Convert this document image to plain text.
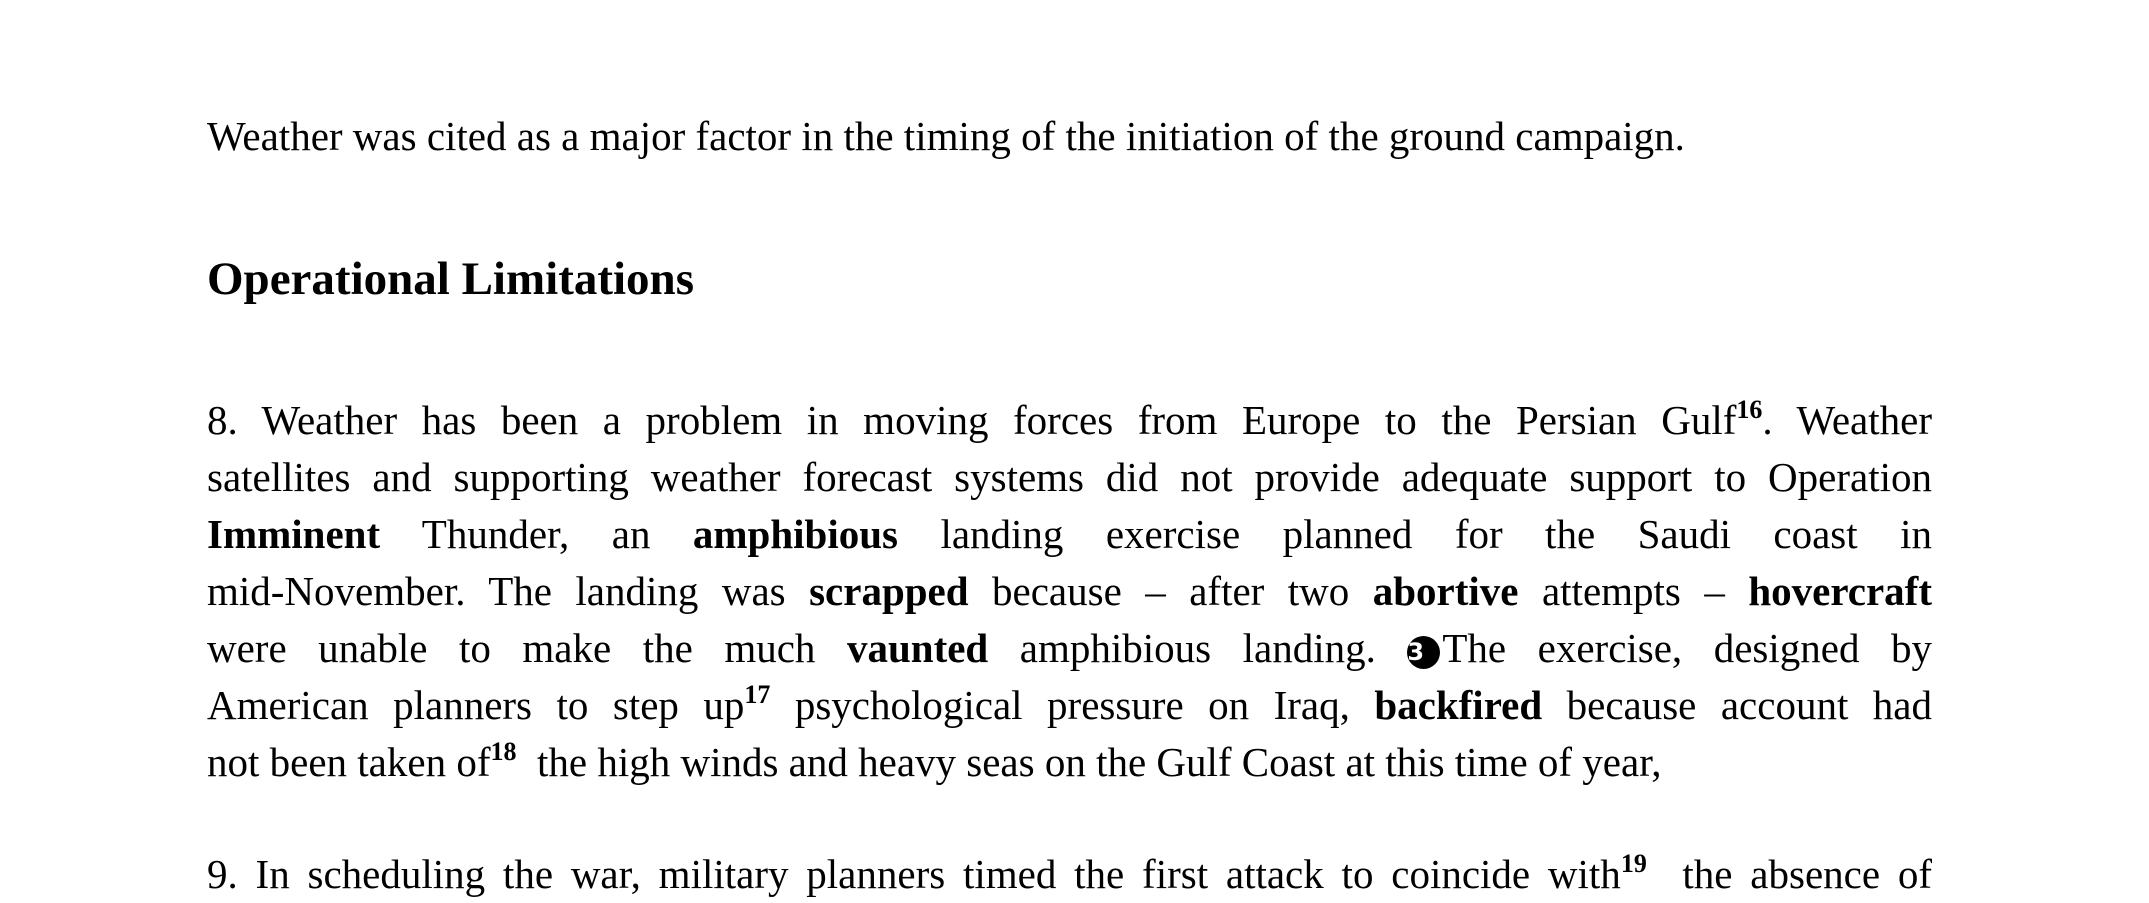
Weather was cited as a major factor in the timing of the initiation of the ground campaign.
Operational Limitations
8. Weather has been a problem in moving forces from Europe to the Persian Gulf$^{16}$. Weather
satellites and supporting weather forecast systems did not provide adequate support to Operation
Imminent Thunder, an amphibious landing exercise planned for the Saudi coast in
mid-November. The landing was scrapped because – after two abortive attempts – hovercraft
were unable to make the much vaunted amphibious landing. 3 The exercise, designed by
American planners to step $up^{17}$ psychological pressure on Iraq, backfired because account had
not been taken $of^{18}$  the high winds and heavy seas on the Gulf Coast at this time of year,
9. In scheduling the war, military planners timed the first attack to coincide with$^{19}$  the absence of
